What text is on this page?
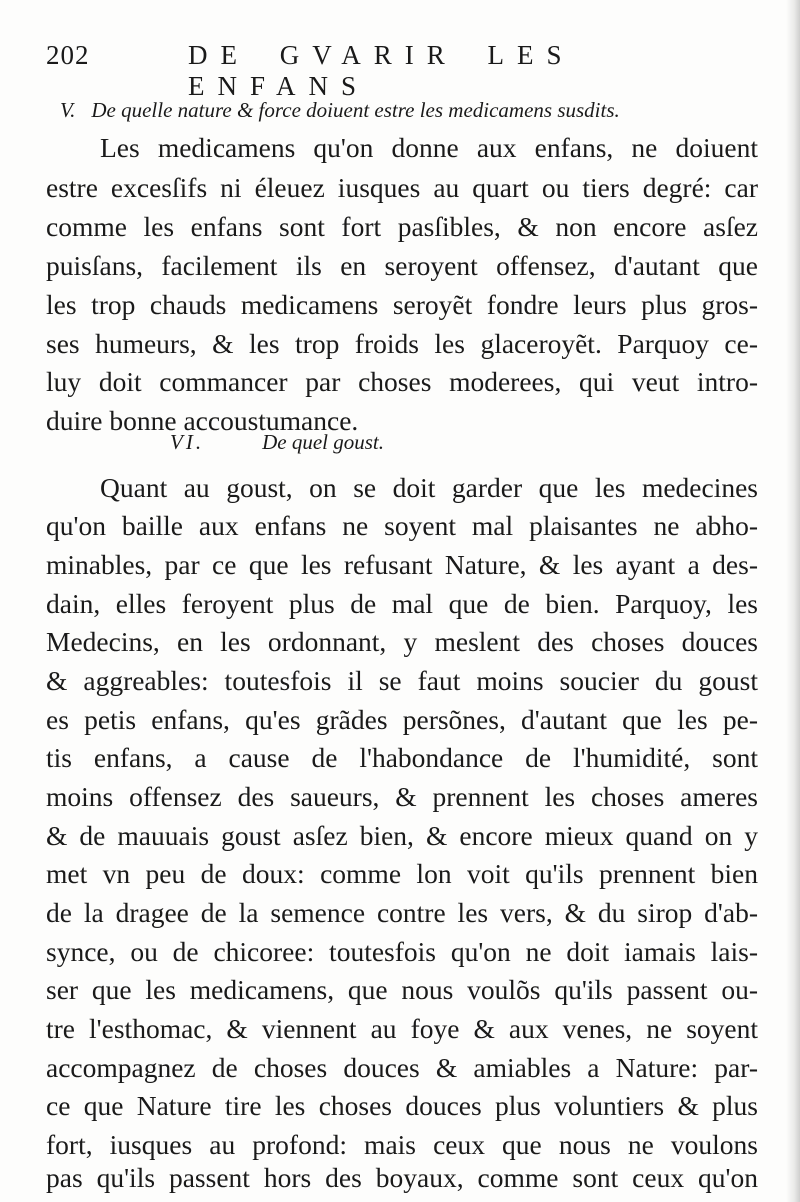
202	DE GVARIR LES ENFANS
V. De quelle nature & force doiuent estre les medicamens susdits.
Les medicamens qu'on donne aux enfans, ne doiuent
estre excesſifs ni éleuez iusques au quart ou tiers degré: car
comme les enfans sont fort pasſibles, & non encore asſez
puisſans, facilement ils en seroyent offensez, d'autant que
les trop chauds medicamens seroyẽt fondre leurs plus gros-
ses humeurs, & les trop froids les glaceroyẽt. Parquoy ce-
luy doit commancer par choses moderees, qui veut intro-
duire bonne accoustumance.
VI.	De quel goust.
Quant au goust, on se doit garder que les medecines
qu'on baille aux enfans ne soyent mal plaisantes ne abho-
minables, par ce que les refusant Nature, & les ayant a des-
dain, elles feroyent plus de mal que de bien. Parquoy, les
Medecins, en les ordonnant, y meslent des choses douces
& aggreables: toutesfois il se faut moins soucier du goust
es petis enfans, qu'es grãdes persõnes, d'autant que les pe-
tis enfans, a cause de l'habondance de l'humidité, sont
moins offensez des saueurs, & prennent les choses ameres
& de mauuais goust asſez bien, & encore mieux quand on y
met vn peu de doux: comme lon voit qu'ils prennent bien
de la dragee de la semence contre les vers, & du sirop d'ab-
synce, ou de chicoree: toutesfois qu'on ne doit iamais lais-
ser que les medicamens, que nous voulõs qu'ils passent ou-
tre l'esthomac, & viennent au foye & aux venes, ne soyent
accompagnez de choses douces & amiables a Nature: par-
ce que Nature tire les choses douces plus voluntiers & plus
fort, iusques au profond: mais ceux que nous ne voulons
pas qu'ils passent hors des boyaux, comme sont ceux qu'on
